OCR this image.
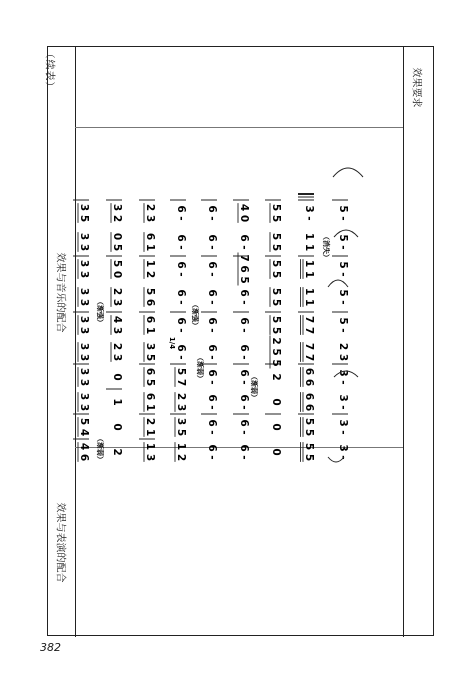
（续表）
382
效果与表演的配合
效果与音乐的配合
效果要求
4 6
5 4
3 3
3 3
3 3
3 3
3 3
3 3
3 3
3 5
2
0
1
0
2 3
4 3
2 3
5 0
0 5
3 2
1 3
2 1
6 1
6 5
3 5
6 1
5 6
1 2
6 1
2 3
1 2
3 5
2 3
5 7
6 -
6 -
6 -
6 -
6 -
6 -
6 -
6 -
6 -
6 -
6 -
6 -
6 -
6 -
6 -
6 -
6 -
6 -
6 -
6 -
6 -
6 -
6 -
7 6 5
6 -
4 0
0
0
0
2
2 5 5
5 5
5 5
5 5
5 5
5 5
5 5
5 5
6 6
6 6
7 7
7 7
1 1
1 1
1 1
3 -
3 -
3 -
3 -
3 -
2 3
5 -
5 -
5 -
5 -
5 -
（渐弱）
（渐强）
（渐弱）
（渐强）
（渐弱）
（消失）
1/4
